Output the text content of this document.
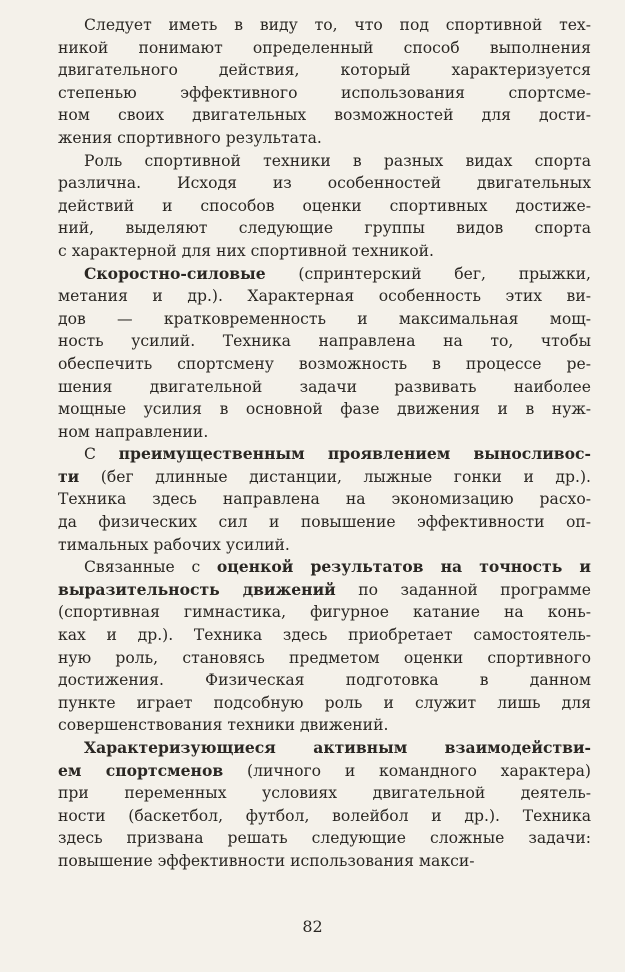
Следует иметь в виду то, что под спортивной тех-
никой понимают определенный способ выполнения
двигательного действия, который характеризуется
степенью эффективного использования спортсме-
ном своих двигательных возможностей для дости-
жения спортивного результата.

Роль спортивной техники в разных видах спорта
различна. Исходя из особенностей двигательных
действий и способов оценки спортивных достиже-
ний, выделяют следующие группы видов спорта
с характерной для них спортивной техникой.

Скоростно-силовые (спринтерский бег, прыжки,
метания и др.). Характерная особенность этих ви-
дов — кратковременность и максимальная мощ-
ность усилий. Техника направлена на то, чтобы
обеспечить спортсмену возможность в процессе ре-
шения двигательной задачи развивать наиболее
мощные усилия в основной фазе движения и в нуж-
ном направлении.

С преимущественным проявлением выносливос-
ти (бег длинные дистанции, лыжные гонки и др.).
Техника здесь направлена на экономизацию расхо-
да физических сил и повышение эффективности оп-
тимальных рабочих усилий.

Связанные с оценкой результатов на точность и
выразительность движений по заданной программе
(спортивная гимнастика, фигурное катание на конь-
ках и др.). Техника здесь приобретает самостоятель-
ную роль, становясь предметом оценки спортивного
достижения. Физическая подготовка в данном
пункте играет подсобную роль и служит лишь для
совершенствования техники движений.

Характеризующиеся активным взаимодействи-
ем спортсменов (личного и командного характера)
при переменных условиях двигательной деятель-
ности (баскетбол, футбол, волейбол и др.). Техника
здесь призвана решать следующие сложные задачи:
повышение эффективности использования макси-

82
